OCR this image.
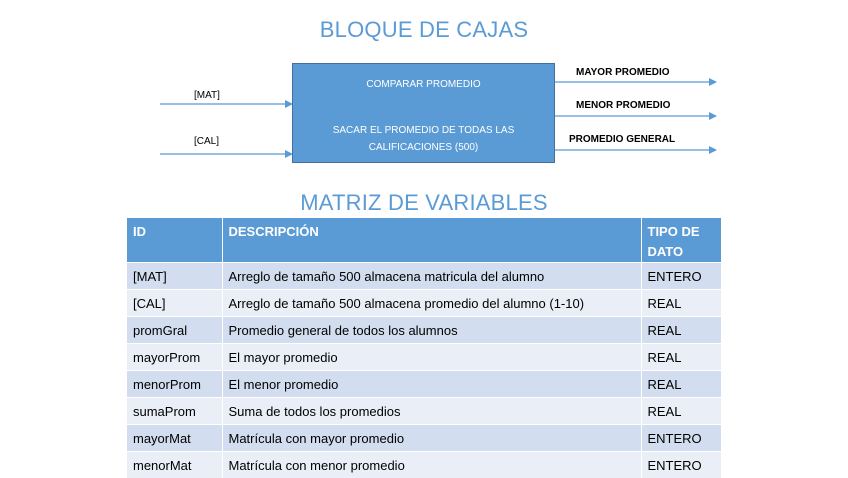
BLOQUE DE CAJAS
COMPARAR PROMEDIO
SACAR EL PROMEDIO DE TODAS LAS CALIFICACIONES (500)
[MAT]
[CAL]
MAYOR PROMEDIO
MENOR PROMEDIO
PROMEDIO GENERAL
MATRIZ DE VARIABLES
ID	DESCRIPCIÓN	TIPO DE DATO
[MAT]	Arreglo de tamaño 500 almacena matricula del alumno	ENTERO
[CAL]	Arreglo de tamaño 500 almacena promedio del alumno (1-10)	REAL
promGral	Promedio general de todos los alumnos	REAL
mayorProm	El mayor promedio	REAL
menorProm	El menor promedio	REAL
sumaProm	Suma de todos los promedios	REAL
mayorMat	Matrícula con mayor promedio	ENTERO
menorMat	Matrícula con menor promedio	ENTERO
